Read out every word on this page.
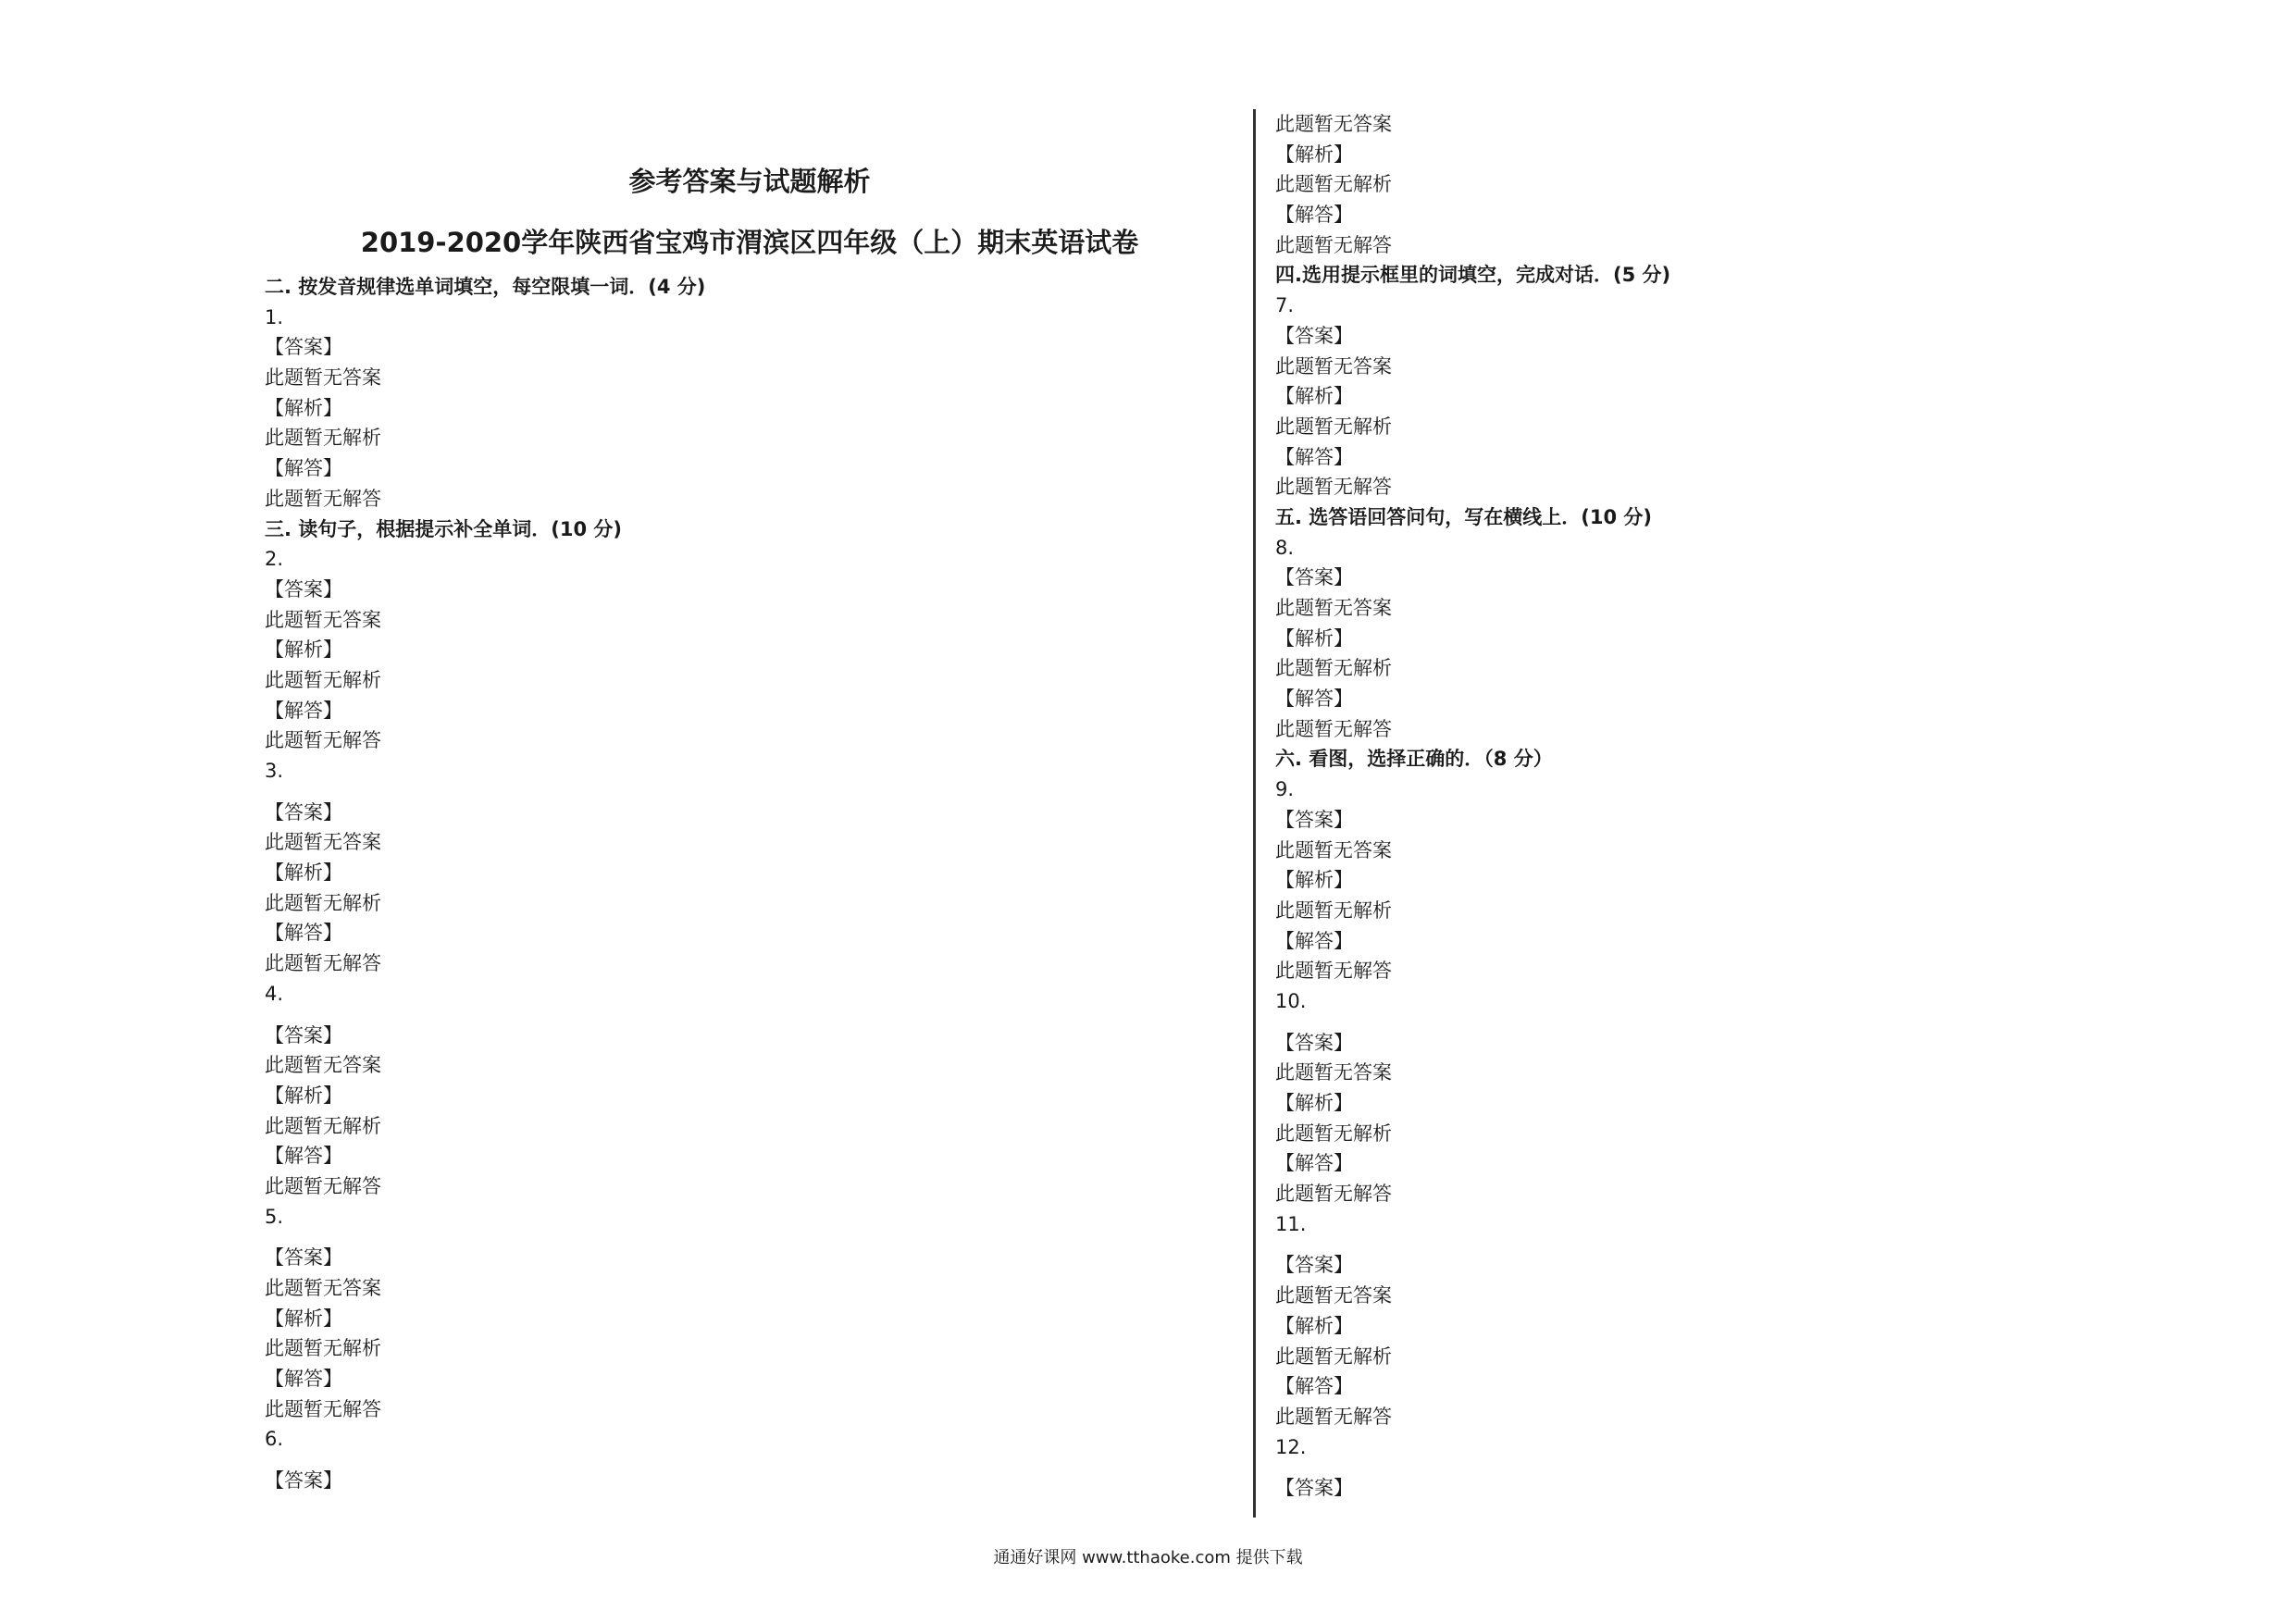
参考答案与试题解析
2019-2020学年陕西省宝鸡市渭滨区四年级（上）期末英语试卷
二. 按发音规律选单词填空，每空限填一词．(4 分)
1.
【答案】
此题暂无答案
【解析】
此题暂无解析
【解答】
此题暂无解答
三. 读句子，根据提示补全单词．(10 分)
2.
【答案】
此题暂无答案
【解析】
此题暂无解析
【解答】
此题暂无解答
3.
【答案】
此题暂无答案
【解析】
此题暂无解析
【解答】
此题暂无解答
4.
【答案】
此题暂无答案
【解析】
此题暂无解析
【解答】
此题暂无解答
5.
【答案】
此题暂无答案
【解析】
此题暂无解析
【解答】
此题暂无解答
6.
【答案】
此题暂无答案
【解析】
此题暂无解析
【解答】
此题暂无解答
四.选用提示框里的词填空，完成对话．(5 分)
7.
【答案】
此题暂无答案
【解析】
此题暂无解析
【解答】
此题暂无解答
五. 选答语回答问句，写在横线上．(10 分)
8.
【答案】
此题暂无答案
【解析】
此题暂无解析
【解答】
此题暂无解答
六. 看图，选择正确的．（8 分）
9.
【答案】
此题暂无答案
【解析】
此题暂无解析
【解答】
此题暂无解答
10.
【答案】
此题暂无答案
【解析】
此题暂无解析
【解答】
此题暂无解答
11.
【答案】
此题暂无答案
【解析】
此题暂无解析
【解答】
此题暂无解答
12.
【答案】
通通好课网 www.tthaoke.com 提供下载
